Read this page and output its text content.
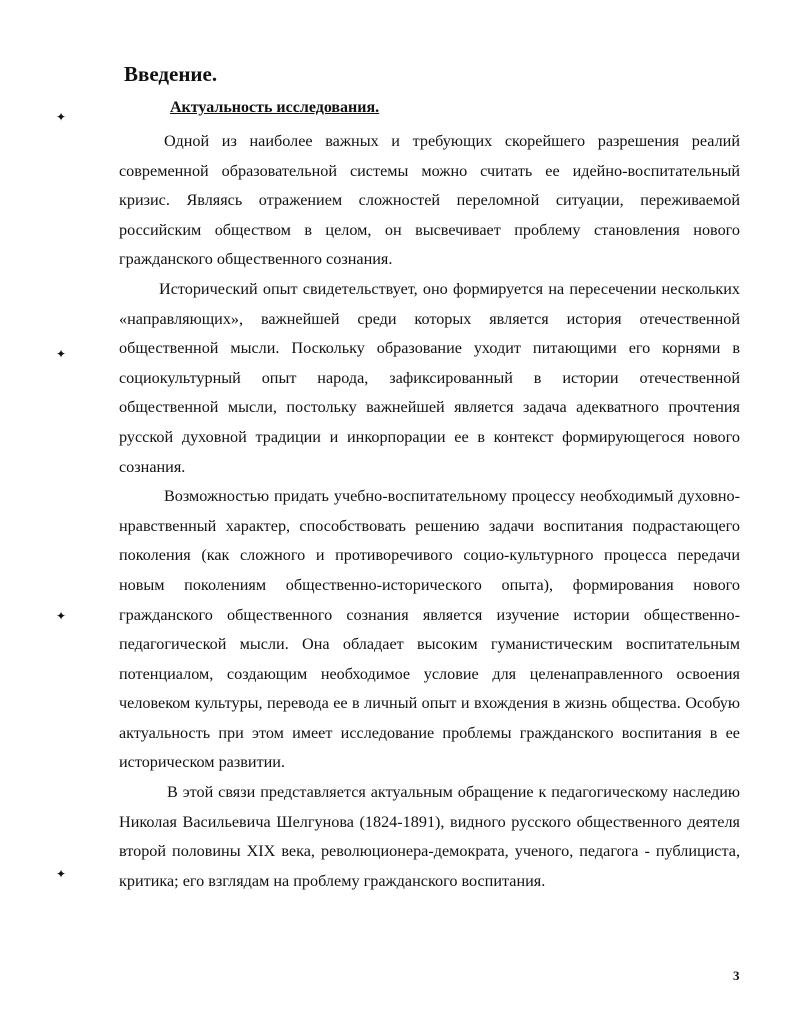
Введение.
Актуальность исследования.

Одной из наиболее важных и требующих скорейшего разрешения реалий современной образовательной системы можно считать ее идейно-воспитательный кризис. Являясь отражением сложностей переломной ситуации, переживаемой российским обществом в целом, он высвечивает проблему становления нового гражданского общественного сознания.

Исторический опыт свидетельствует, оно формируется на пересечении нескольких «направляющих», важнейшей среди которых является история отечественной общественной мысли. Поскольку образование уходит питающими его корнями в социокультурный опыт народа, зафиксированный в истории отечественной общественной мысли, постольку важнейшей является задача адекватного прочтения русской духовной традиции и инкорпорации ее в контекст формирующегося нового сознания.

Возможностью придать учебно-воспитательному процессу необходимый духовно-нравственный характер, способствовать решению задачи воспитания подрастающего поколения (как сложного и противоречивого социо-культурного процесса передачи новым поколениям общественно-исторического опыта), формирования нового гражданского общественного сознания является изучение истории общественно-педагогической мысли. Она обладает высоким гуманистическим воспитательным потенциалом, создающим необходимое условие для целенаправленного освоения человеком культуры, перевода ее в личный опыт и вхождения в жизнь общества. Особую актуальность при этом имеет исследование проблемы гражданского воспитания в ее историческом развитии.

В этой связи представляется актуальным обращение к педагогическому наследию Николая Васильевича Шелгунова (1824-1891), видного русского общественного деятеля второй половины XIX века, революционера-демократа, ученого, педагога - публициста, критика; его взглядам на проблему гражданского воспитания.

✦
✦
✦
✦
3
